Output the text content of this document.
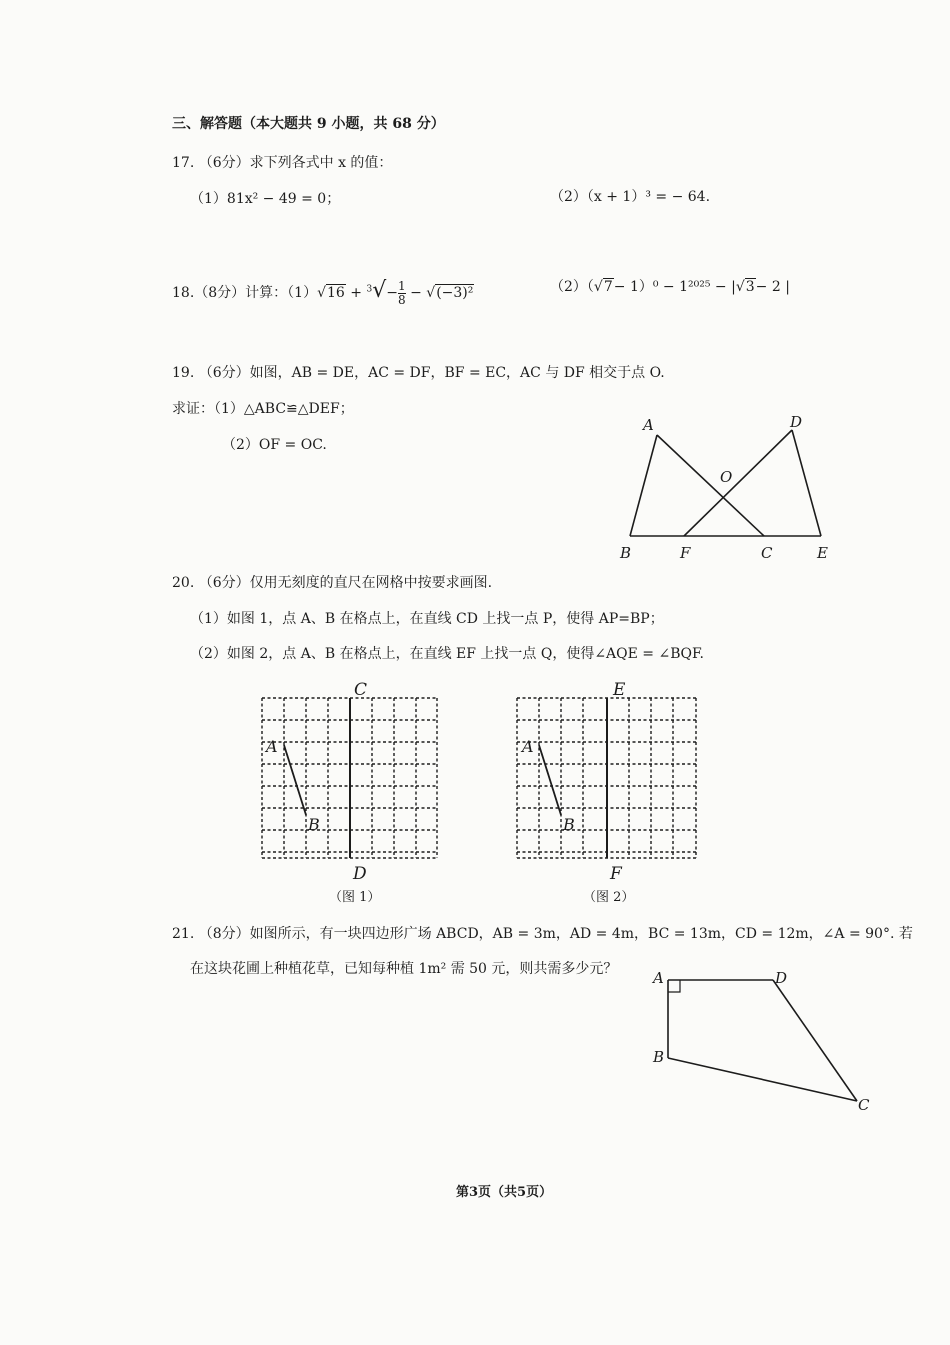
三、解答题（本大题共 9 小题，共 68 分）
17. （6分）求下列各式中 x 的值：
（1）81x² − 49 = 0；	（2）（x + 1）³ = − 64.
18.（8分）计算：$(1)√16 + ^3√-\frac{1}{8} - √(-3)^2$	（2）（√7− 1）⁰ − 1²⁰²⁵ − |√3− 2 |
19. （6分）如图，AB = DE，AC = DF，BF = EC，AC 与 DF 相交于点 O.
求证：（1）△ABC≌△DEF；
（2）OF = OC.
A	D
O
B	F	C	E
20. （6分）仅用无刻度的直尺在网格中按要求画图.
（1）如图 1，点 A、B 在格点上，在直线 CD 上找一点 P，使得 AP=BP；
（2）如图 2，点 A、B 在格点上，在直线 EF 上找一点 Q，使得∠AQE = ∠BQF.
C
D
A
B
（图 1）
E
F
A
B
（图 2）
21. （8分）如图所示，有一块四边形广场 ABCD，AB = 3m，AD = 4m，BC = 13m，CD = 12m，∠A = 90°. 若
在这块花圃上种植花草，已知每种植 1m² 需 50 元，则共需多少元？ A	D
B
C
第3页（共5页）
